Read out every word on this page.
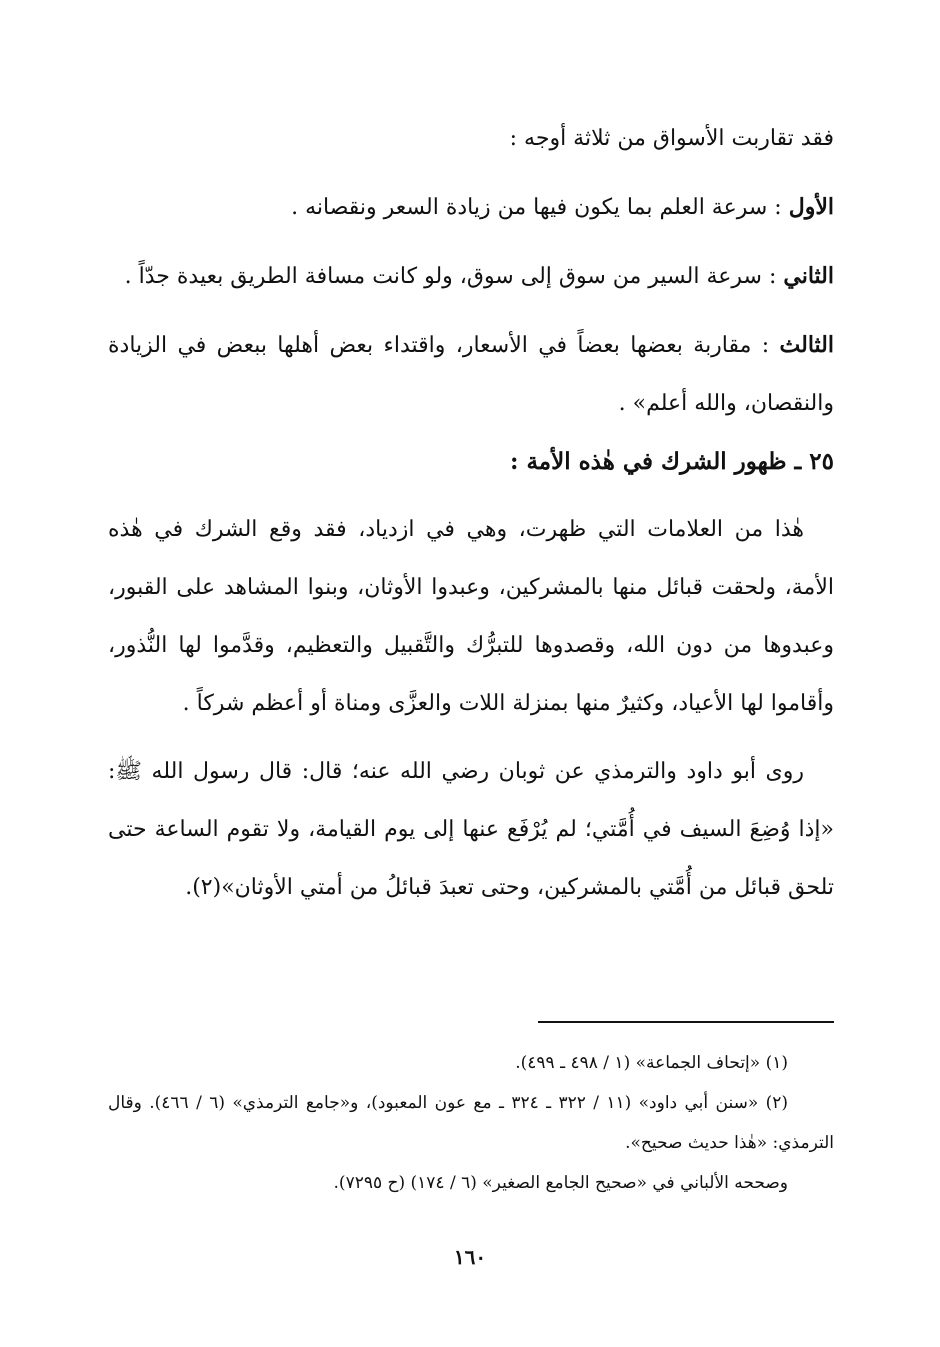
فقد تقاربت الأسواق من ثلاثة أوجه :
الأول : سرعة العلم بما يكون فيها من زيادة السعر ونقصانه .
الثاني : سرعة السير من سوق إلى سوق، ولو كانت مسافة الطريق بعيدة جدّاً .
الثالث : مقاربة بعضها بعضاً في الأسعار، واقتداء بعض أهلها ببعض في الزيادة والنقصان، والله أعلم» .
٢٥ ـ ظهور الشرك في هٰذه الأمة :
هٰذا من العلامات التي ظهرت، وهي في ازدياد، فقد وقع الشرك في هٰذه الأمة، ولحقت قبائل منها بالمشركين، وعبدوا الأوثان، وبنوا المشاهد على القبور، وعبدوها من دون الله، وقصدوها للتبرُّك والتَّقبيل والتعظيم، وقدَّموا لها النُّذور، وأقاموا لها الأعياد، وكثيرٌ منها بمنزلة اللات والعزَّى ومناة أو أعظم شركاً .
روى أبو داود والترمذي عن ثوبان رضي الله عنه؛ قال: قال رسول الله ﷺ: «إذا وُضِعَ السيف في أُمَّتي؛ لم يُرْفَع عنها إلى يوم القيامة، ولا تقوم الساعة حتى تلحق قبائل من أُمَّتي بالمشركين، وحتى تعبدَ قبائلُ من أمتي الأوثان»(٢).
(١) «إتحاف الجماعة» (١ / ٤٩٨ ـ ٤٩٩).
(٢) «سنن أبي داود» (١١ / ٣٢٢ ـ ٣٢٤ ـ مع عون المعبود)، و«جامع الترمذي» (٦ / ٤٦٦). وقال الترمذي: «هٰذا حديث صحيح».
وصححه الألباني في «صحيح الجامع الصغير» (٦ / ١٧٤) (ح ٧٢٩٥).
١٦٠
